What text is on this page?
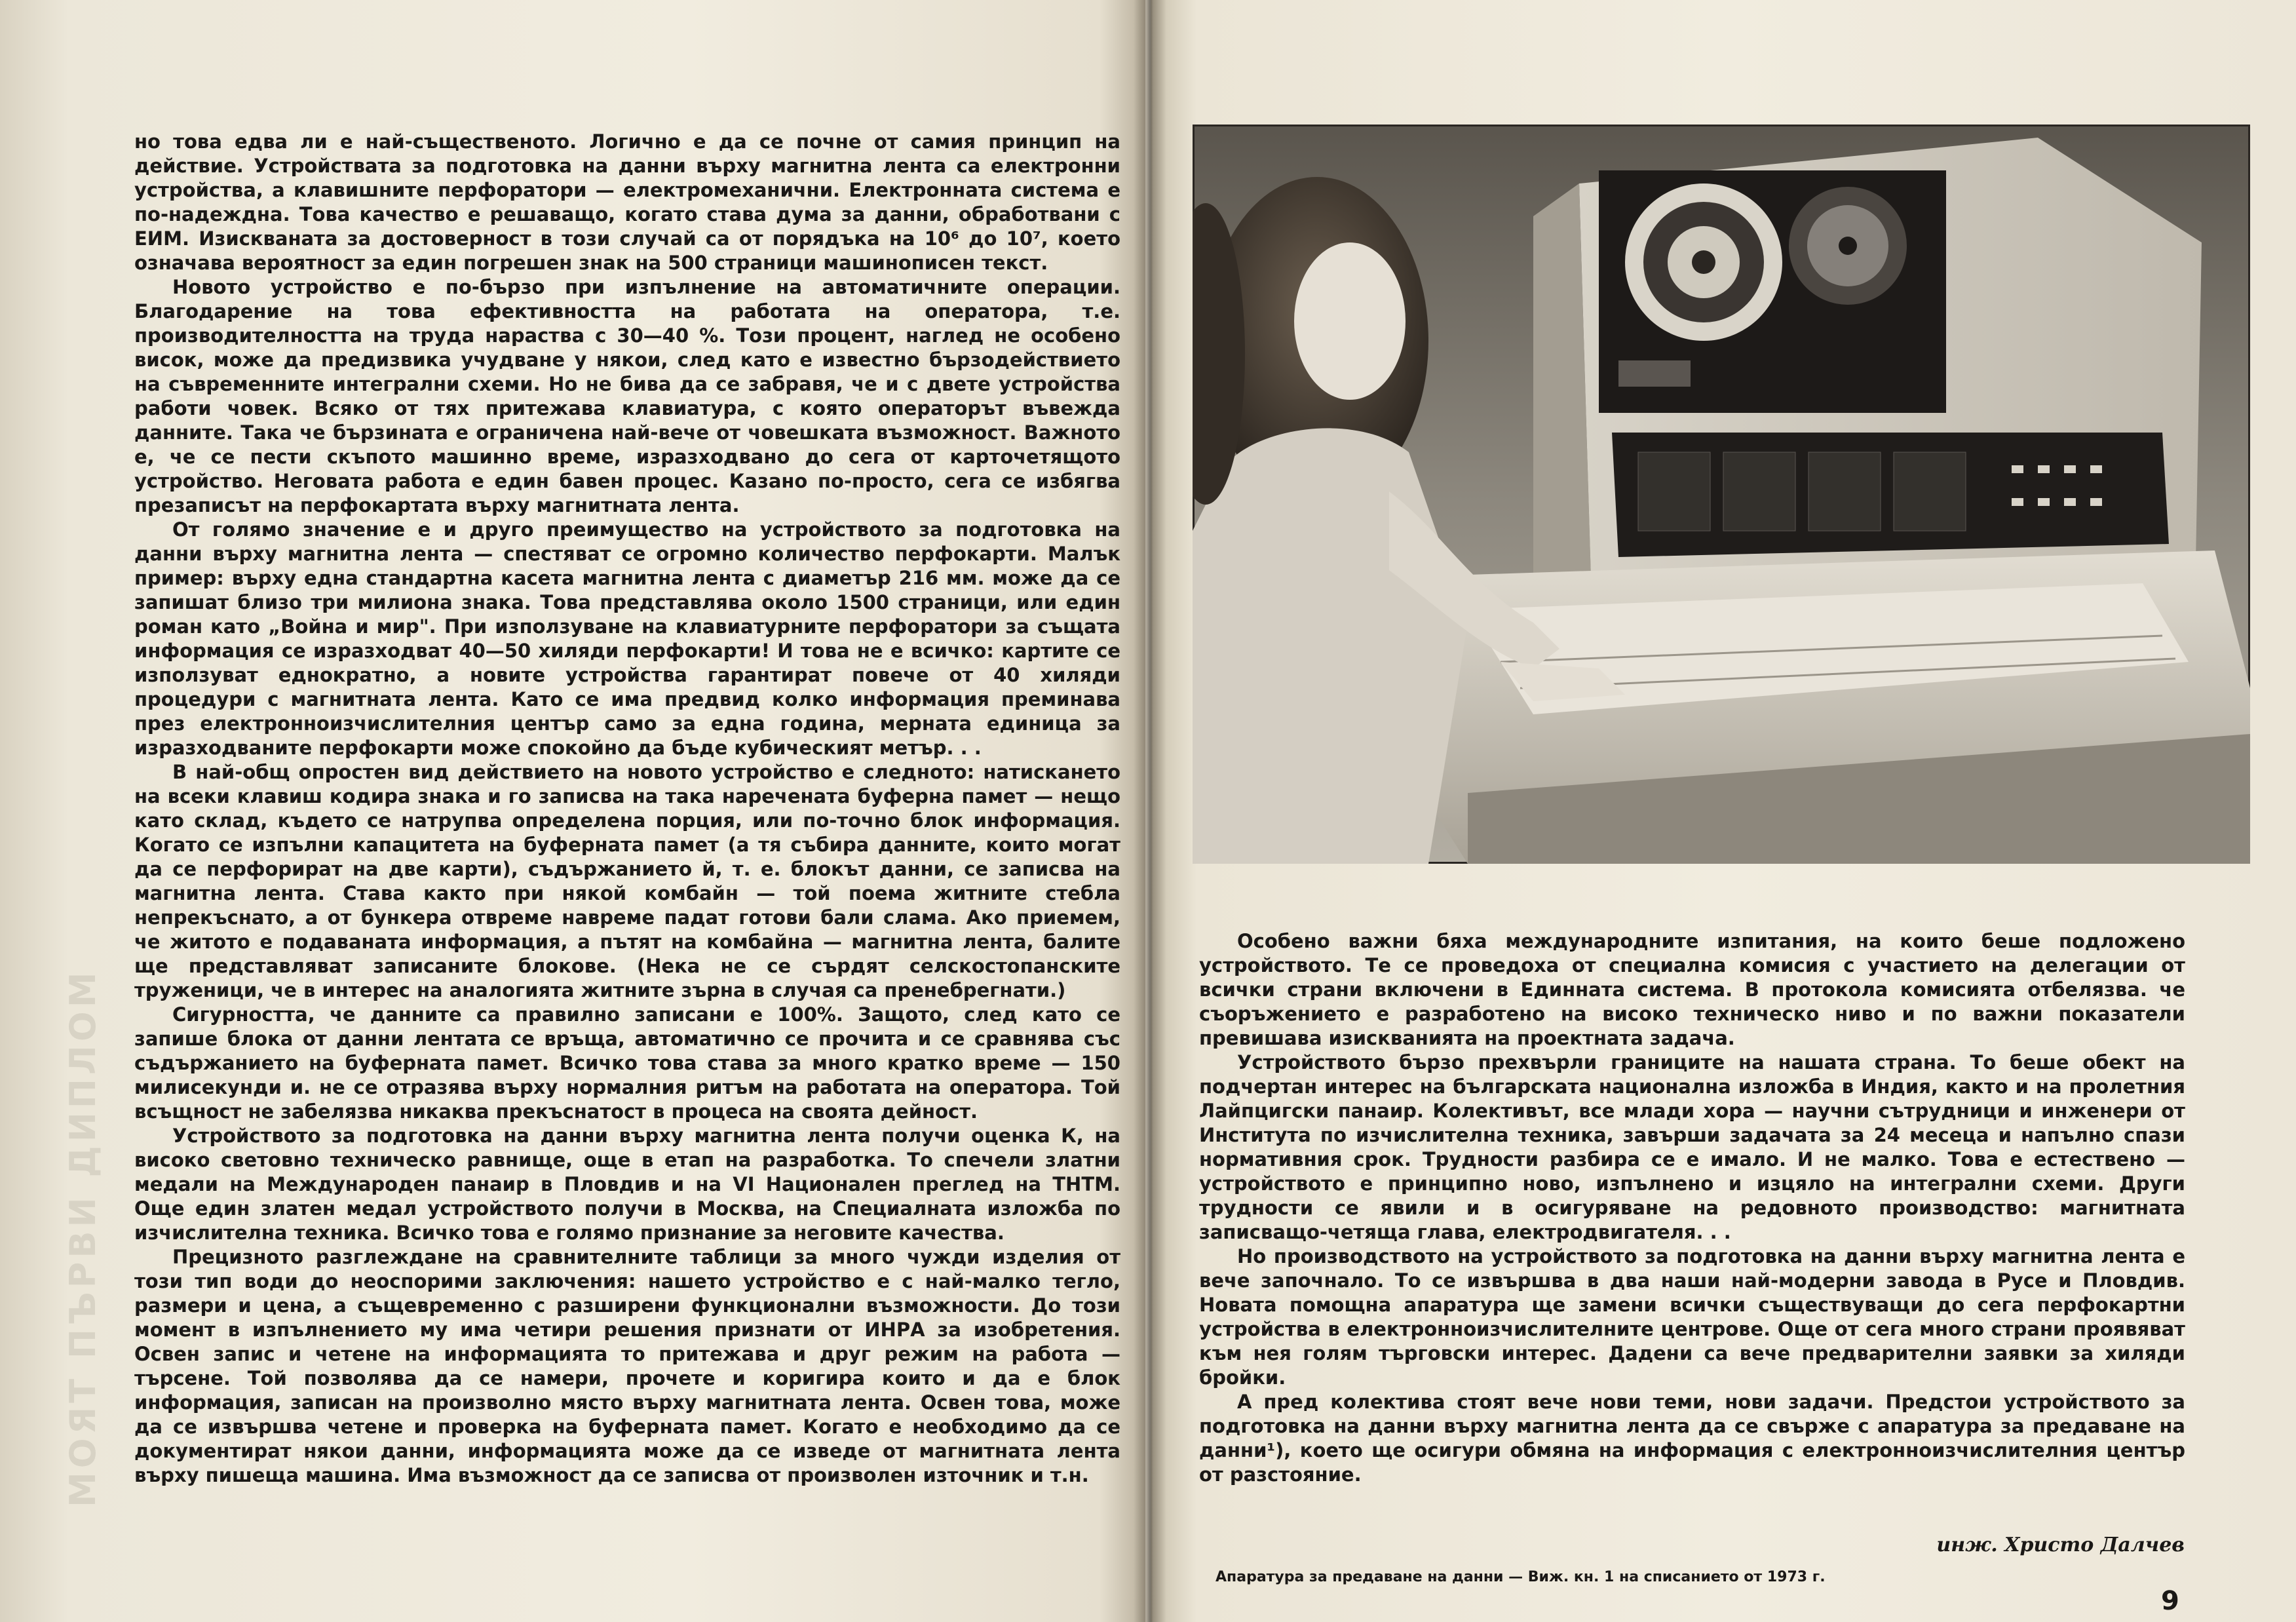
МОЯТ ПЪРВИ ДИПЛОМ

но това едва ли е най-същественото. Логично е да се почне от самия принцип на действие. Устройствата за подготовка на данни върху магнитна лента са електронни устройства, а клавишните перфоратори — електромеханични. Електронната система е по-надеждна. Това качество е решаващо, когато става дума за данни, обработвани с ЕИМ. Изискваната за достоверност в този случай са от порядъка на 10⁶ до 10⁷, което означава вероятност за един погрешен знак на 500 страници машинописен текст.

Новото устройство е по-бързо при изпълнение на автоматичните операции. Благодарение на това ефективността на работата на оператора, т.е. производителността на труда нараства с 30—40 %. Този процент, наглед не особено висок, може да предизвика учудване у някои, след като е известно бързодействието на съвременните интегрални схеми. Но не бива да се забравя, че и с двете устройства работи човек. Всяко от тях притежава клавиатура, с която операторът въвежда данните. Така че бързината е ограничена най-вече от човешката възможност. Важното е, че се пести скъпото машинно време, изразходвано до сега от карточетящото устройство. Неговата работа е един бавен процес. Казано по-просто, сега се избягва презаписът на перфокартата върху магнитната лента.

От голямо значение е и друго преимущество на устройството за подготовка на данни върху магнитна лента — спестяват се огромно количество перфокарти. Малък пример: върху една стандартна касета магнитна лента с диаметър 216 мм. може да се запишат близо три милиона знака. Това представлява около 1500 страници, или един роман като „Война и мир". При използуване на клавиатурните перфоратори за същата информация се изразходват 40—50 хиляди перфокарти! И това не е всичко: картите се използуват еднократно, а новите устройства гарантират повече от 40 хиляди процедури с магнитната лента. Като се има предвид колко информация преминава през електронноизчислителния център само за една година, мерната единица за изразходваните перфокарти може спокойно да бъде кубическият метър. . .

В най-общ опростен вид действието на новото устройство е следното: натискането на всеки клавиш кодира знака и го записва на така наречената буферна памет — нещо като склад, където се натрупва определена порция, или по-точно блок информация. Когато се изпълни капацитета на буферната памет (а тя събира данните, които могат да се перфорират на две карти), съдържанието й, т. е. блокът данни, се записва на магнитна лента. Става както при някой комбайн — той поема житните стебла непрекъснато, а от бункера отвреме навреме падат готови бали слама. Ако приемем, че житото е подаваната информация, а пътят на комбайна — магнитна лента, балите ще представляват записаните блокове. (Нека не се сърдят селскостопанските труженици, че в интерес на аналогията житните зърна в случая са пренебрегнати.)

Сигурността, че данните са правилно записани е 100%. Защото, след като се запише блока от данни лентата се връща, автоматично се прочита и се сравнява със съдържанието на буферната памет. Всичко това става за много кратко време — 150 милисекунди и. не се отразява върху нормалния ритъм на работата на оператора. Той всъщност не забелязва никаква прекъснатост в процеса на своята дейност.

Устройството за подготовка на данни върху магнитна лента получи оценка К, на високо световно техническо равнище, още в етап на разработка. То спечели златни медали на Международен панаир в Пловдив и на VI Национален преглед на ТНТМ. Още един златен медал устройството получи в Москва, на Специалната изложба по изчислителна техника. Всичко това е голямо признание за неговите качества.

Прецизното разглеждане на сравнителните таблици за много чужди изделия от този тип води до неоспорими заключения: нашето устройство е с най-малко тегло, размери и цена, а същевременно с разширени функционални възможности. До този момент в изпълнението му има четири решения признати от ИНРА за изобретения. Освен запис и четене на информацията то притежава и друг режим на работа — търсене. Той позволява да се намери, прочете и коригира които и да е блок информация, записан на произволно място върху магнитната лента. Освен това, може да се извършва четене и проверка на буферната памет. Когато е необходимо да се документират някои данни, информацията може да се изведе от магнитната лента върху пишеща машина. Има възможност да се записва от произволен източник и т.н.

Особено важни бяха международните изпитания, на които беше подложено устройството. Те се проведоха от специална комисия с участието на делегации от всички страни включени в Единната система. В протокола комисията отбелязва. че съоръжението е разработено на високо техническо ниво и по важни показатели превишава изискванията на проектната задача.

Устройството бързо прехвърли границите на нашата страна. То беше обект на подчертан интерес на българската национална изложба в Индия, както и на пролетния Лайпцигски панаир. Колективът, все млади хора — научни сътрудници и инженери от Института по изчислителна техника, завърши задачата за 24 месеца и напълно спази нормативния срок. Трудности разбира се е имало. И не малко. Това е естествено — устройството е принципно ново, изпълнено и изцяло на интегрални схеми. Други трудности се явили и в осигуряване на редовното производство: магнитната записващо-четяща глава, електродвигателя. . .

Но производството на устройството за подготовка на данни върху магнитна лента е вече започнало. То се извършва в два наши най-модерни завода в Русе и Пловдив. Новата помощна апаратура ще замени всички съществуващи до сега перфокартни устройства в електронноизчислителните центрове. Още от сега много страни проявяват към нея голям търговски интерес. Дадени са вече предварителни заявки за хиляди бройки.

А пред колектива стоят вече нови теми, нови задачи. Предстои устройството за подготовка на данни върху магнитна лента да се свърже с апаратура за предаване на данни¹), което ще осигури обмяна на информация с електронноизчислителния център от разстояние.

инж. Христо Далчев
Апаратура за предаване на данни — Виж. кн. 1 на списанието от 1973 г.
9
